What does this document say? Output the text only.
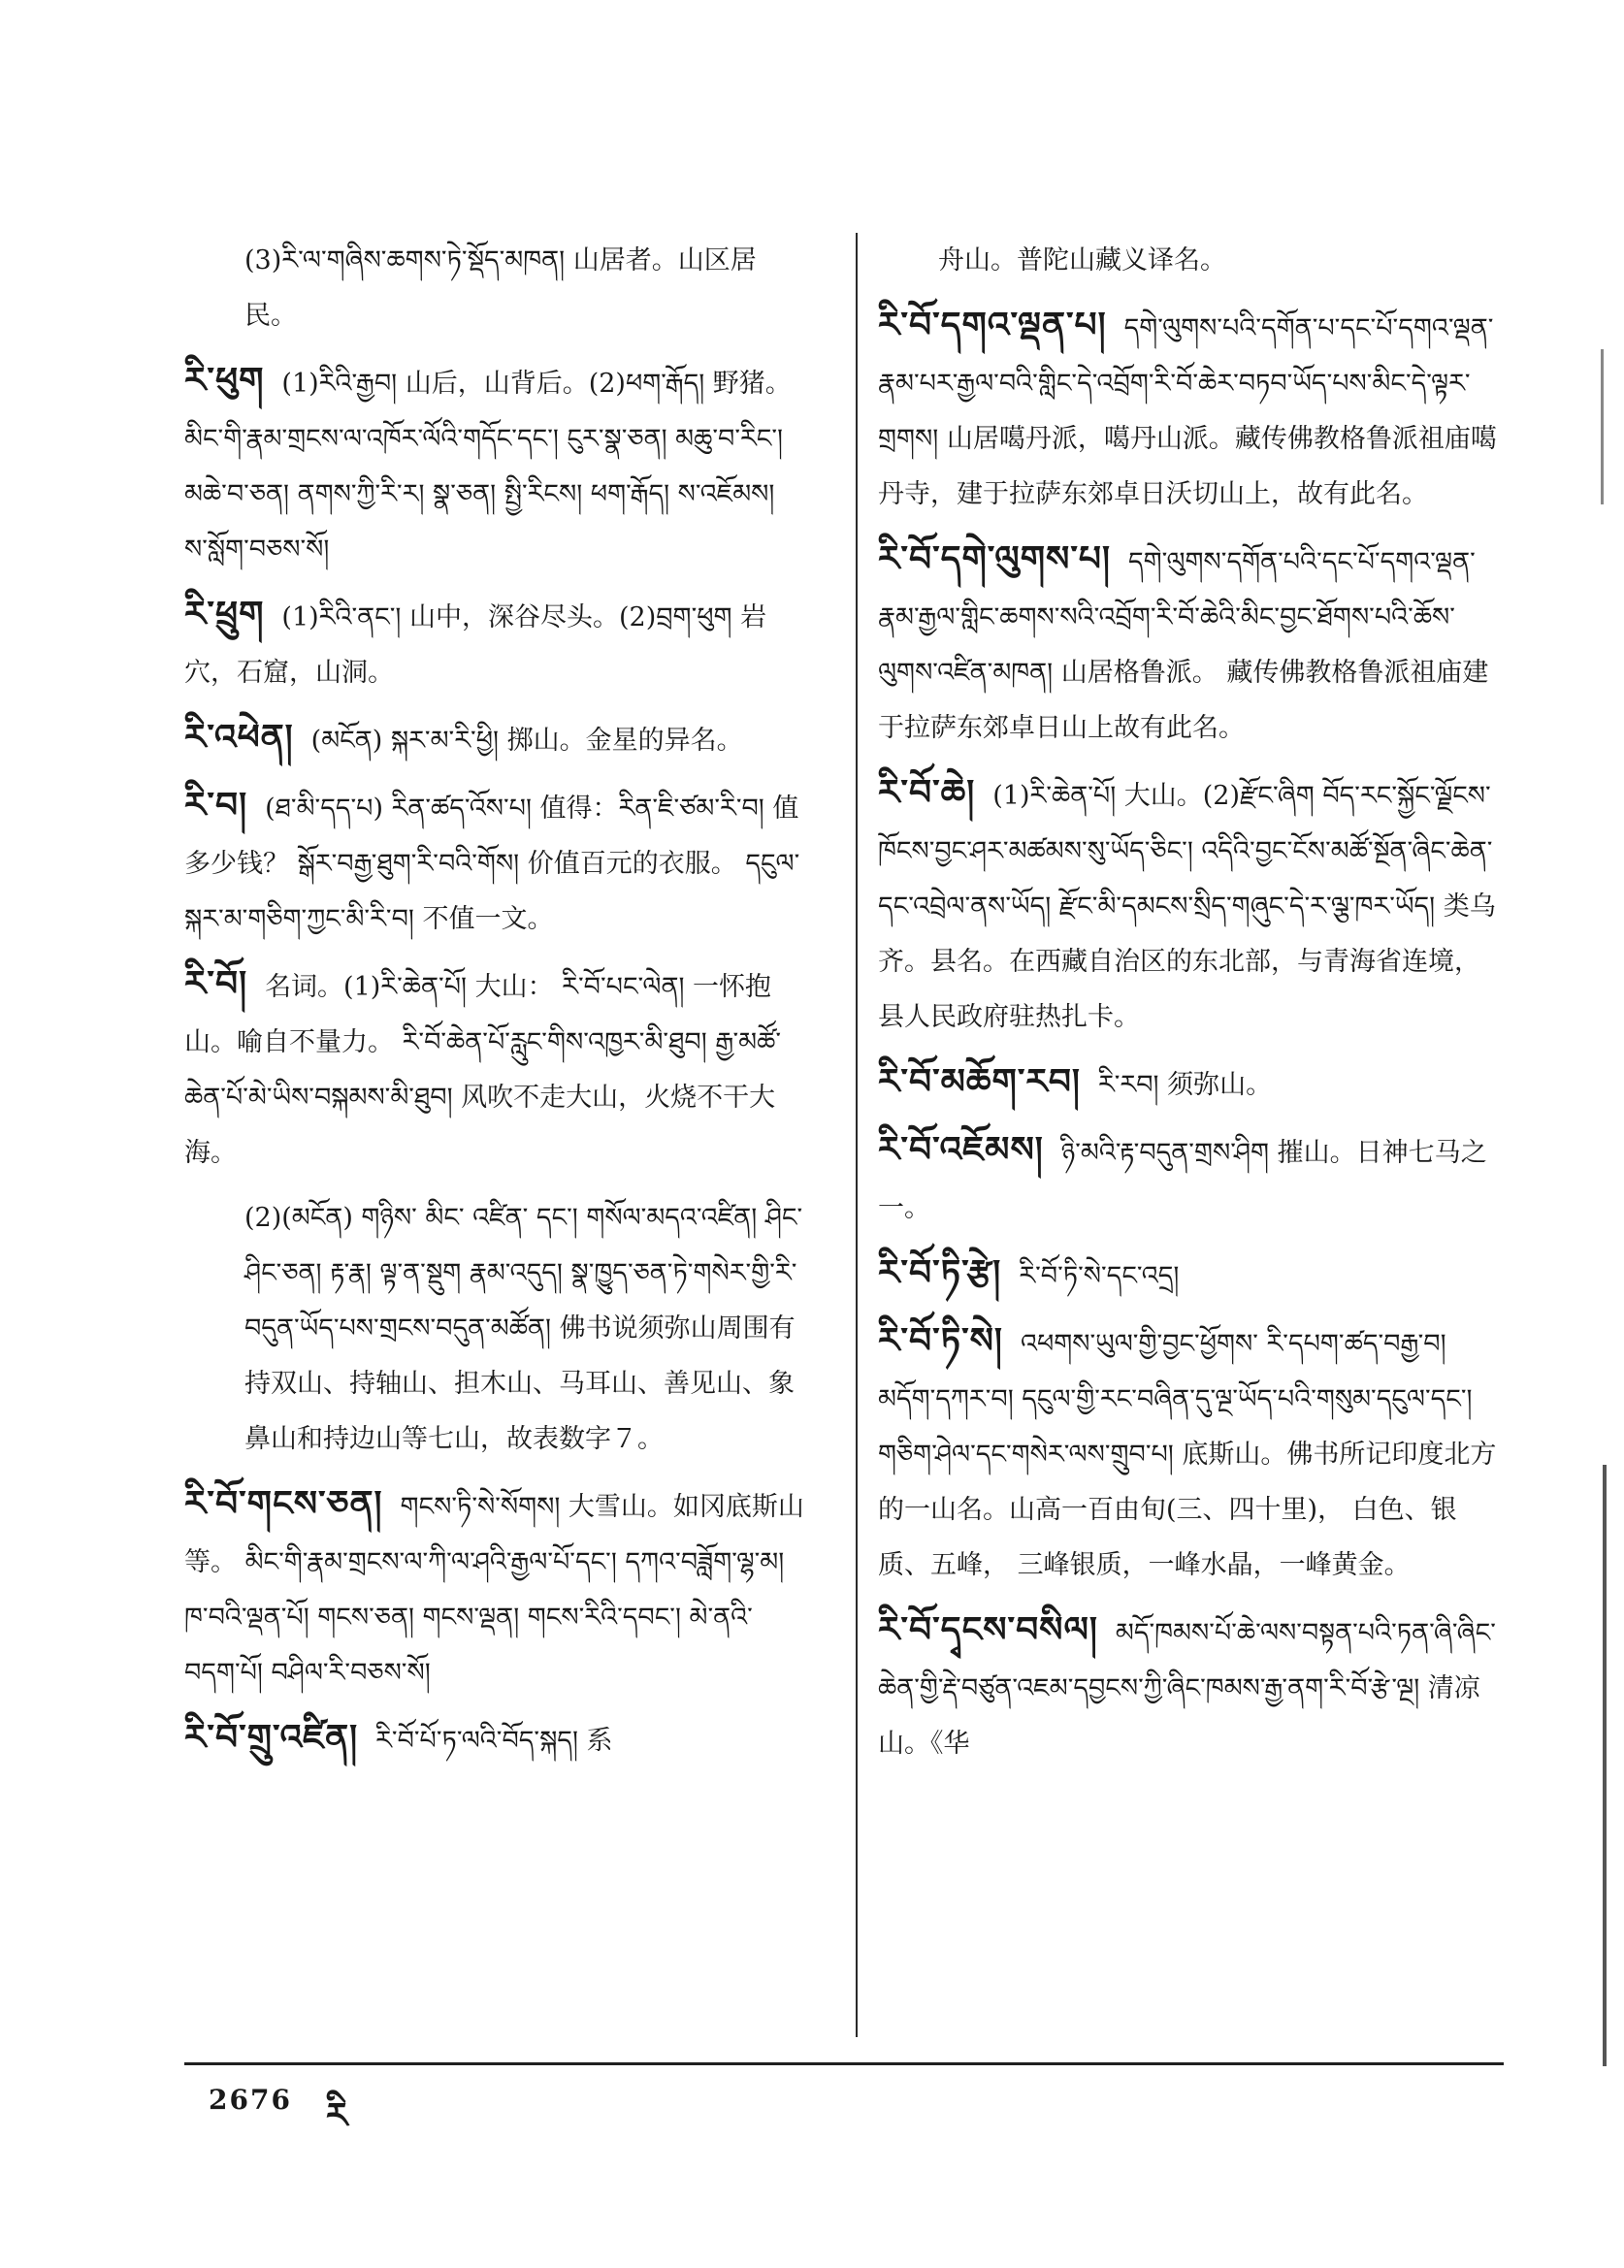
(3)རི་ལ་གཞིས་ཆགས་ཏེ་སྡོད་མཁན། 山居者。山区居民。
རི་ཕུག (1)རིའི་རྒྱབ། 山后，山背后。(2)ཕག་རྒོད། 野猪。 མིང་གི་རྣམ་གྲངས་ལ་འཁོར་ལོའི་གདོང་དང་། ངུར་སྣ་ཅན། མཆུ་བ་རིང་། མཆེ་བ་ཅན། ནགས་ཀྱི་རི་ར། སྣ་ཅན། སྤྱི་རིངས། ཕག་རྒོད། ས་འཇོམས། ས་སློག་བཅས་སོ།
རི་ཕྲུག (1)རིའི་ནང་། 山中，深谷尽头。(2)བྲག་ཕུག 岩穴，石窟，山洞。
རི་འཕེན། (མངོན) སྐར་མ་རི་ཕྱི། 掷山。金星的异名。
རི་བ། (ཐ་མི་དད་པ) རིན་ཚད་འོས་པ། 值得：རིན་ཇི་ཙམ་རི་བ། 值多少钱？ སྒོར་བརྒྱ་ཐུག་རི་བའི་གོས། 价值百元的衣服。 དངུལ་སྐར་མ་གཅིག་ཀྱང་མི་རི་བ། 不值一文。
རི་བོ། 名词。(1)རི་ཆེན་པོ། 大山： རི་བོ་པང་ལེན། 一怀抱山。喻自不量力。 རི་བོ་ཆེན་པོ་རླུང་གིས་འཁྱར་མི་ཐུབ། རྒྱ་མཚོ་ཆེན་པོ་མེ་ཡིས་བསྐམས་མི་ཐུབ། 风吹不走大山，火烧不干大海。
(2)(མངོན) གཉིས་ མིང་ འཛིན་ དང་། གསོལ་མདའ་འཛིན། ཤིང་ཤིང་ཅན། རྟ་རྣ། ལྟ་ན་སྡུག རྣམ་འདུད། སྣ་ཁྱུད་ཅན་ཏེ་གསེར་གྱི་རི་བདུན་ཡོད་པས་གྲངས་བདུན་མཚོན། 佛书说须弥山周围有持双山、持轴山、担木山、马耳山、善见山、象鼻山和持边山等七山，故表数字７。
རི་བོ་གངས་ཅན། གངས་ཏི་སེ་སོགས། 大雪山。如冈底斯山等。 མིང་གི་རྣམ་གྲངས་ལ་ཀི་ལ་ཤའི་རྒྱལ་པོ་དང་། དཀའ་བཟློག་ལྷ་མ། ཁ་བའི་ལྡན་པོ། གངས་ཅན། གངས་ལྡན། གངས་རིའི་དབང་། མེ་ནའི་བདག་པོ། བཤིལ་རི་བཅས་སོ།
རི་བོ་གྲུ་འཛིན། རི་བོ་པོ་ཏ་ལའི་བོད་སྐད། 系
舟山。普陀山藏义译名。
རི་བོ་དགའ་ལྡན་པ། དགེ་ལུགས་པའི་དགོན་པ་དང་པོ་དགའ་ལྡན་རྣམ་པར་རྒྱལ་བའི་གླིང་དེ་འབྲོག་རི་བོ་ཆེར་བཏབ་ཡོད་པས་མིང་དེ་ལྟར་གྲགས། 山居噶丹派，噶丹山派。藏传佛教格鲁派祖庙噶丹寺，建于拉萨东郊卓日沃切山上，故有此名。
རི་བོ་དགེ་ལུགས་པ། དགེ་ལུགས་དགོན་པའི་དང་པོ་དགའ་ལྡན་རྣམ་རྒྱལ་གླིང་ཆགས་སའི་འབྲོག་རི་བོ་ཆེའི་མིང་བྱང་ཐོགས་པའི་ཆོས་ལུགས་འཛིན་མཁན། 山居格鲁派。 藏传佛教格鲁派祖庙建于拉萨东郊卓日山上故有此名。
རི་བོ་ཆེ། (1)རི་ཆེན་པོ། 大山。(2)རྫོང་ཞིག བོད་རང་སྐྱོང་ལྗོངས་ཁོངས་བྱང་ཤར་མཚམས་སུ་ཡོད་ཅིང་། འདིའི་བྱང་ངོས་མཚོ་སྔོན་ཞིང་ཆེན་དང་འབྲེལ་ནས་ཡོད། རྫོང་མི་དམངས་སྲིད་གཞུང་དེ་ར་ལྕ་ཁར་ཡོད། 类乌齐。县名。在西藏自治区的东北部，与青海省连境，县人民政府驻热扎卡。
རི་བོ་མཆོག་རབ། རི་རབ། 须弥山。
རི་བོ་འཇོམས། ཉི་མའི་རྟ་བདུན་གྲས་ཤིག 摧山。日神七马之一。
རི་བོ་ཏི་རྩེ། རི་བོ་ཏི་སེ་དང་འདྲ།
རི་བོ་ཏི་སེ། འཕགས་ཡུལ་གྱི་བྱང་ཕྱོགས་ རི་དཔག་ཚད་བརྒྱ་བ། མདོག་དཀར་བ། དངུལ་གྱི་རང་བཞིན་དུ་ལྔ་ཡོད་པའི་གསུམ་དངུལ་དང་། གཅིག་ཤེལ་དང་གསེར་ལས་གྲུབ་པ། 底斯山。佛书所记印度北方的一山名。山高一百由旬(三、四十里)， 白色、银质、五峰， 三峰银质，一峰水晶，一峰黄金。
རི་བོ་དྭངས་བསིལ། མདོ་ཁམས་པོ་ཆེ་ལས་བསྟན་པའི་ཏན་ཞི་ཞིང་ཆེན་གྱི་རྡེ་བཙུན་འཇམ་དབྱངས་ཀྱི་ཞིང་ཁམས་རྒྱ་ནག་རི་བོ་རྩེ་ལྔ། 清凉山。《华
2676 རི
